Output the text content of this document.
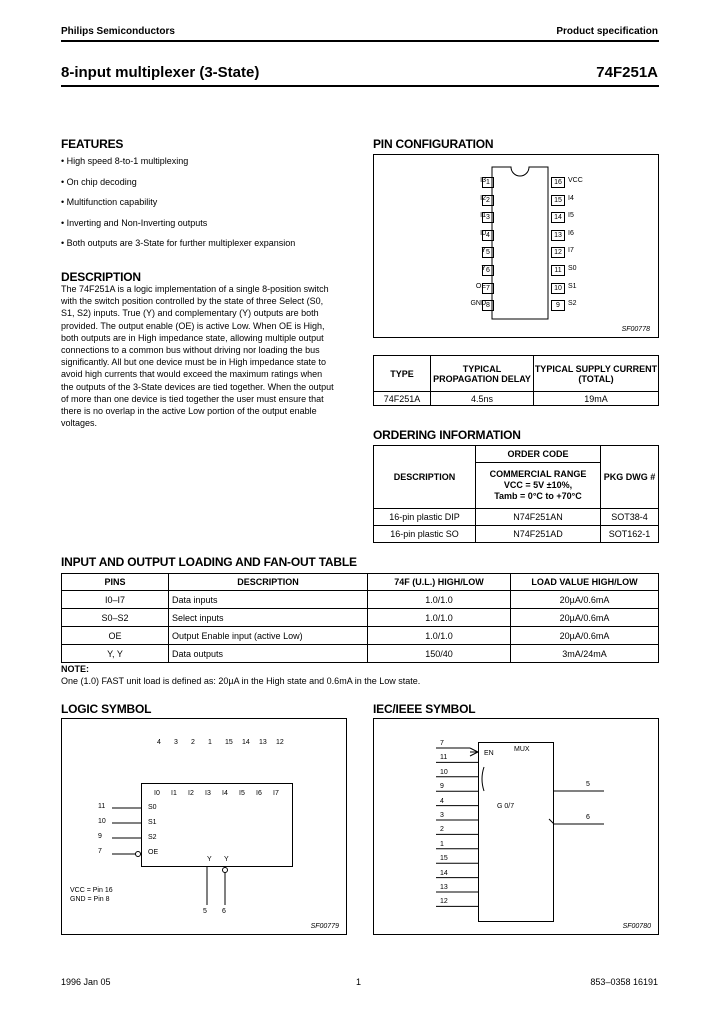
Philips Semiconductors	Product specification
8-input multiplexer (3-State)	74F251A
FEATURES
• High speed 8-to-1 multiplexing
• On chip decoding
• Multifunction capability
• Inverting and Non-Inverting outputs
• Both outputs are 3-State for further multiplexer expansion
DESCRIPTION
The 74F251A is a logic implementation of a single 8-position switch
with the switch position controlled by the state of three Select (S0,
S1, S2) inputs. True (Y) and complementary (Y) outputs are both
provided. The output enable (OE) is active Low. When OE is High,
both outputs are in High impedance state, allowing multiple output
connections to a common bus without driving nor loading the bus
significantly. All but one device must be in High impedance state to
avoid high currents that would exceed the maximum ratings when
the outputs of the 3-State devices are tied together. When the output
of more than one device is tied together the user must ensure that
there is no overlap in the active Low portion of the output enable
voltages.
PIN CONFIGURATION
I3 1
I2 2
I1 3
I0 4
Y 5
Y 6
OE 7
GND 8
16 VCC
15 I4
14 I5
13 I6
12 I7
11 S0
10 S1
9	S2
SF00778
TYPE	TYPICAL PROPAGATION DELAY	TYPICAL SUPPLY CURRENT (TOTAL)
74F251A	4.5ns	19mA
ORDERING INFORMATION
DESCRIPTION	ORDER CODE	PKG DWG #

	COMMERCIAL RANGE
VCC = 5V ±10%,
Tamb = 0°C to +70°C	

16-pin plastic DIP	N74F251AN	SOT38-4
16-pin plastic SO	N74F251AD	SOT162-1
INPUT AND OUTPUT LOADING AND FAN-OUT TABLE
PINS	DESCRIPTION	74F (U.L.) HIGH/LOW	LOAD VALUE HIGH/LOW
I0–I7	Data inputs	1.0/1.0	20µA/0.6mA
S0–S2	Select inputs	1.0/1.0	20µA/0.6mA
OE	Output Enable input (active Low)	1.0/1.0	20µA/0.6mA
Y, Y	Data outputs	150/40	3mA/24mA
NOTE:
One (1.0) FAST unit load is defined as: 20µA in the High state and 0.6mA in the Low state.
LOGIC SYMBOL
4 3 2 1 15 14 13 12
I0 I1 I2 I3 I4 I5 I6 I7
S0
S1
S2
OE
Y Y
5 6
VCC = Pin 16
GND = Pin 8
SF00779
11
10
9
7
IEC/IEEE SYMBOL
EN
MUX
G 0/7
7
11
10
9
4
3
2
1
15
14
13
12
5
6
SF00780
1996 Jan 05	1	853–0358 16191
